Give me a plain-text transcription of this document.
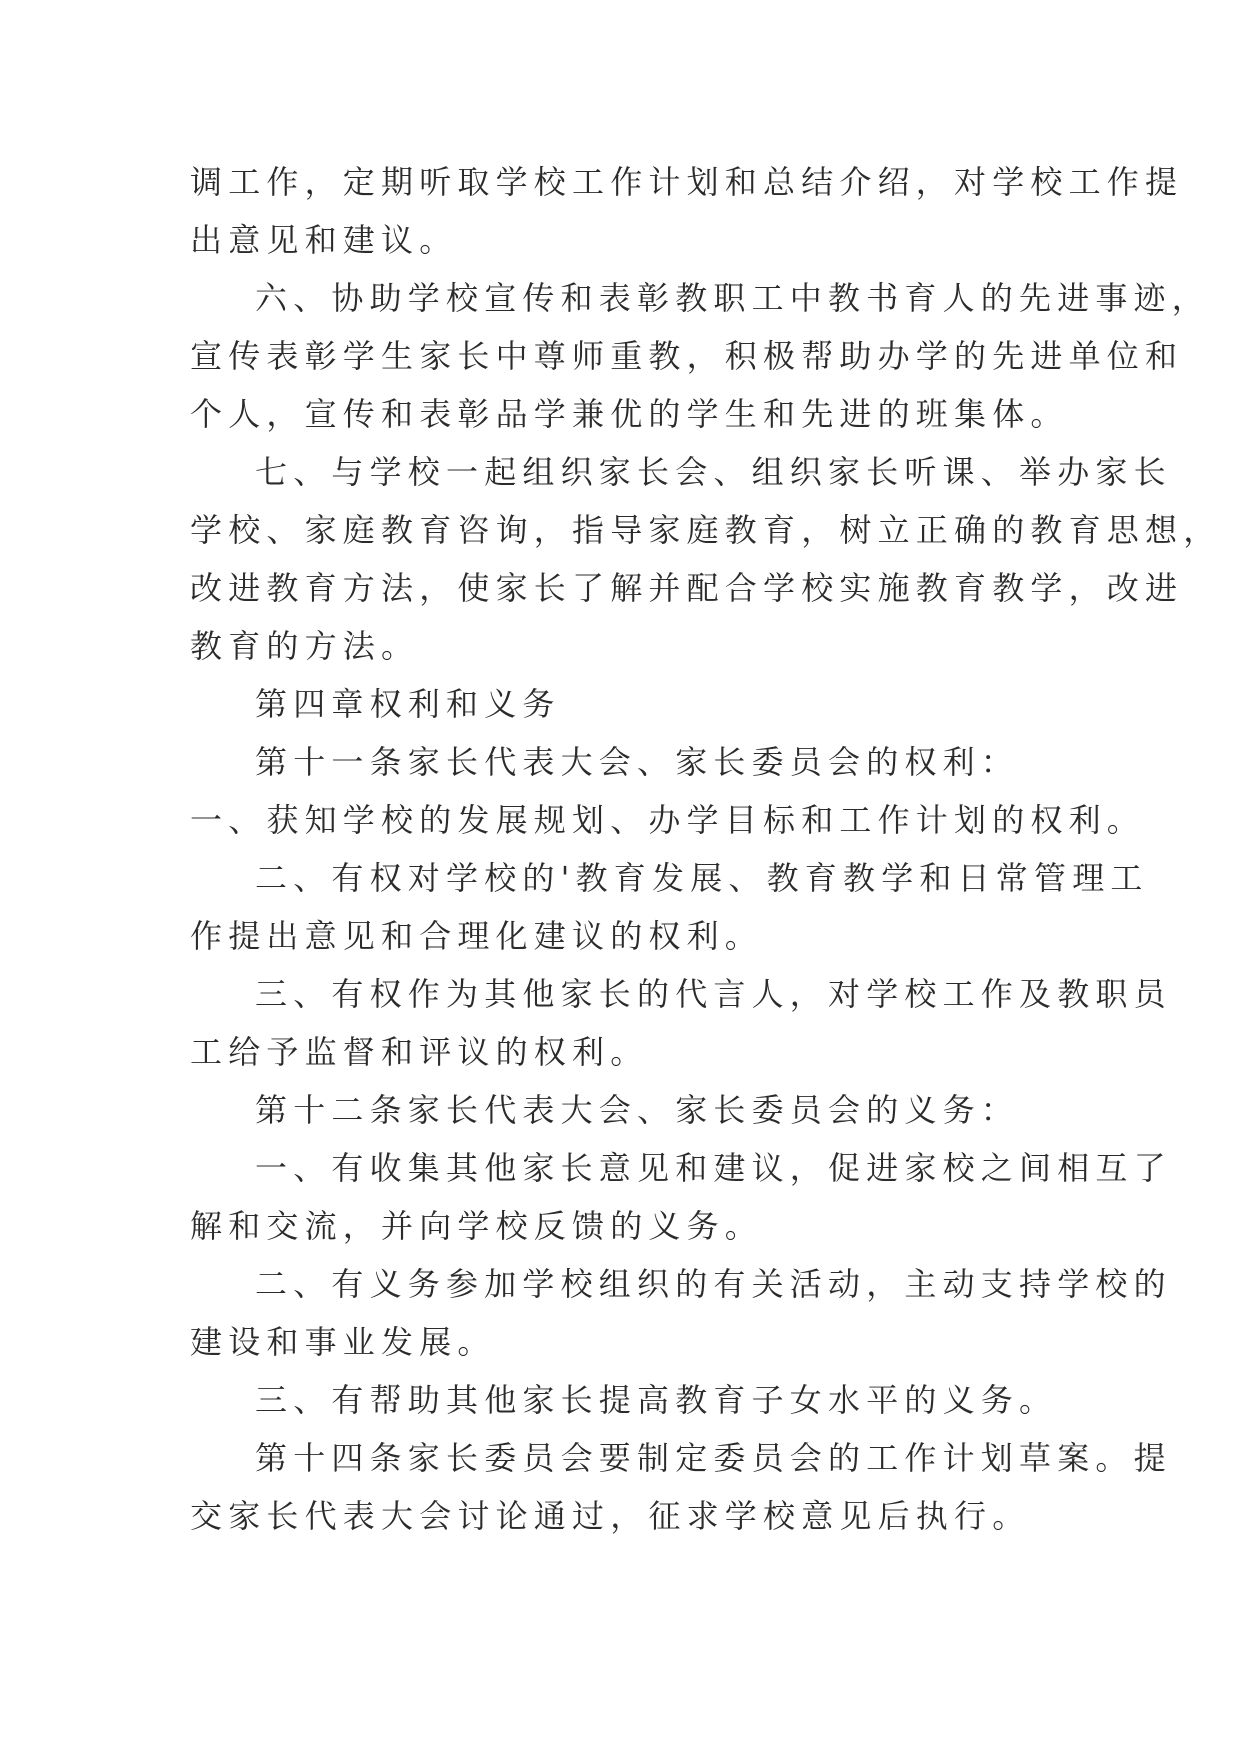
调工作，定期听取学校工作计划和总结介绍，对学校工作提
出意见和建议。
六、协助学校宣传和表彰教职工中教书育人的先进事迹，
宣传表彰学生家长中尊师重教，积极帮助办学的先进单位和
个人，宣传和表彰品学兼优的学生和先进的班集体。
七、与学校一起组织家长会、组织家长听课、举办家长
学校、家庭教育咨询，指导家庭教育，树立正确的教育思想，
改进教育方法，使家长了解并配合学校实施教育教学，改进
教育的方法。
第四章权利和义务
第十一条家长代表大会、家长委员会的权利：
一、获知学校的发展规划、办学目标和工作计划的权利。
二、有权对学校的'教育发展、教育教学和日常管理工
作提出意见和合理化建议的权利。
三、有权作为其他家长的代言人，对学校工作及教职员
工给予监督和评议的权利。
第十二条家长代表大会、家长委员会的义务：
一、有收集其他家长意见和建议，促进家校之间相互了
解和交流，并向学校反馈的义务。
二、有义务参加学校组织的有关活动，主动支持学校的
建设和事业发展。
三、有帮助其他家长提高教育子女水平的义务。
第十四条家长委员会要制定委员会的工作计划草案。提
交家长代表大会讨论通过，征求学校意见后执行。
